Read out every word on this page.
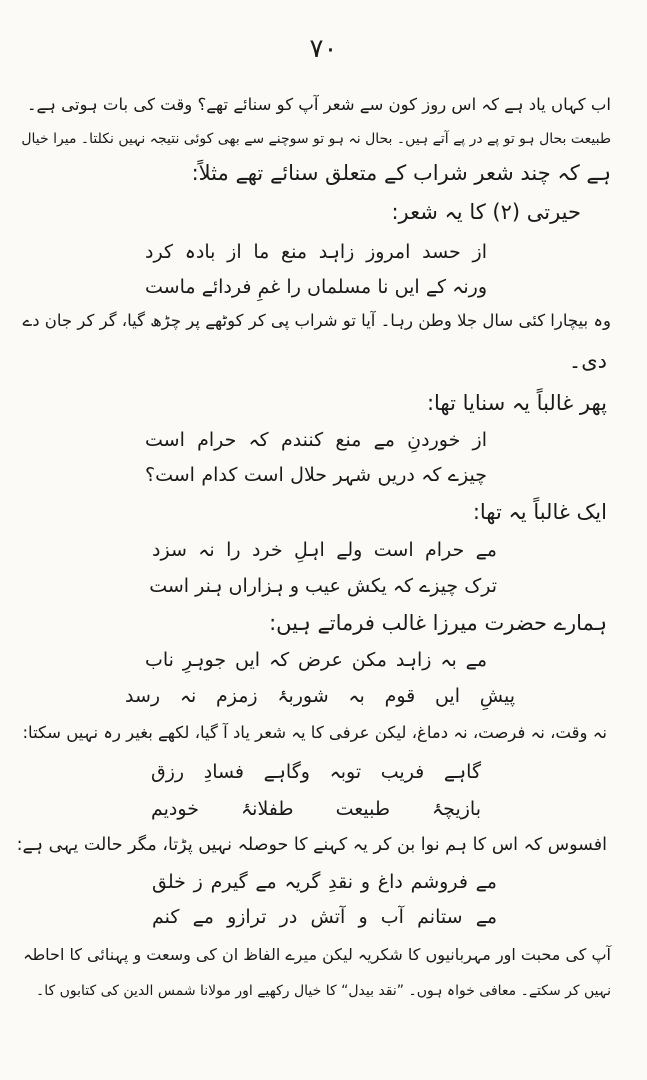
۷۰
اب کہاں یاد ہے کہ اس روز کون سے شعر آپ کو سنائے تھے؟ وقت کی بات ہوتی ہے۔
طبیعت بحال ہو تو پے در پے آتے ہیں۔ بحال نہ ہو تو سوچنے سے بھی کوئی نتیجہ نہیں نکلتا۔ میرا خیال
ہے کہ چند شعر شراب کے متعلق سنائے تھے مثلاً:
حیرتی (۲) کا یہ شعر:
از حسد امروز زاہد منع ما از بادہ کرد
ورنہ کے ایں نا مسلماں را غمِ فردائے ماست
وہ بیچارا کئی سال جلا وطن رہا۔ آیا تو شراب پی کر کوٹھے پر چڑھ گیا، گر کر جان دے
دی۔
پھر غالباً یہ سنایا تھا:
از خوردنِ مے منع کنندم کہ حرام است
چیزے کہ دریں شہر حلال است کدام است؟
ایک غالباً یہ تھا:
مے حرام است ولے اہلِ خرد را نہ سزد
ترک چیزے کہ یکش عیب و ہزاراں ہنر است
ہمارے حضرت میرزا غالب فرماتے ہیں:
مے بہ زاہد مکن عرض کہ ایں جوہرِ ناب
پیشِ ایں قوم بہ شوربۂ زمزم نہ رسد
نہ وقت، نہ فرصت، نہ دماغ، لیکن عرفی کا یہ شعر یاد آ گیا، لکھے بغیر رہ نہیں سکتا:
گاہے فریب توبہ وگاہے فسادِ رزق
بازیچۂ طبیعت طفلانۂ خودیم
افسوس کہ اس کا ہم نوا بن کر یہ کہنے کا حوصلہ نہیں پڑتا، مگر حالت یہی ہے:
مے فروشم داغ و نقدِ گریہ مے گیرم ز خلق
مے ستانم آب و آتش در ترازو مے کنم
آپ کی محبت اور مہربانیوں کا شکریہ لیکن میرے الفاظ ان کی وسعت و پہنائی کا احاطہ
نہیں کر سکتے۔ معافی خواہ ہوں۔ ”نقد بیدل“ کا خیال رکھیے اور مولانا شمس الدین کی کتابوں کا۔
